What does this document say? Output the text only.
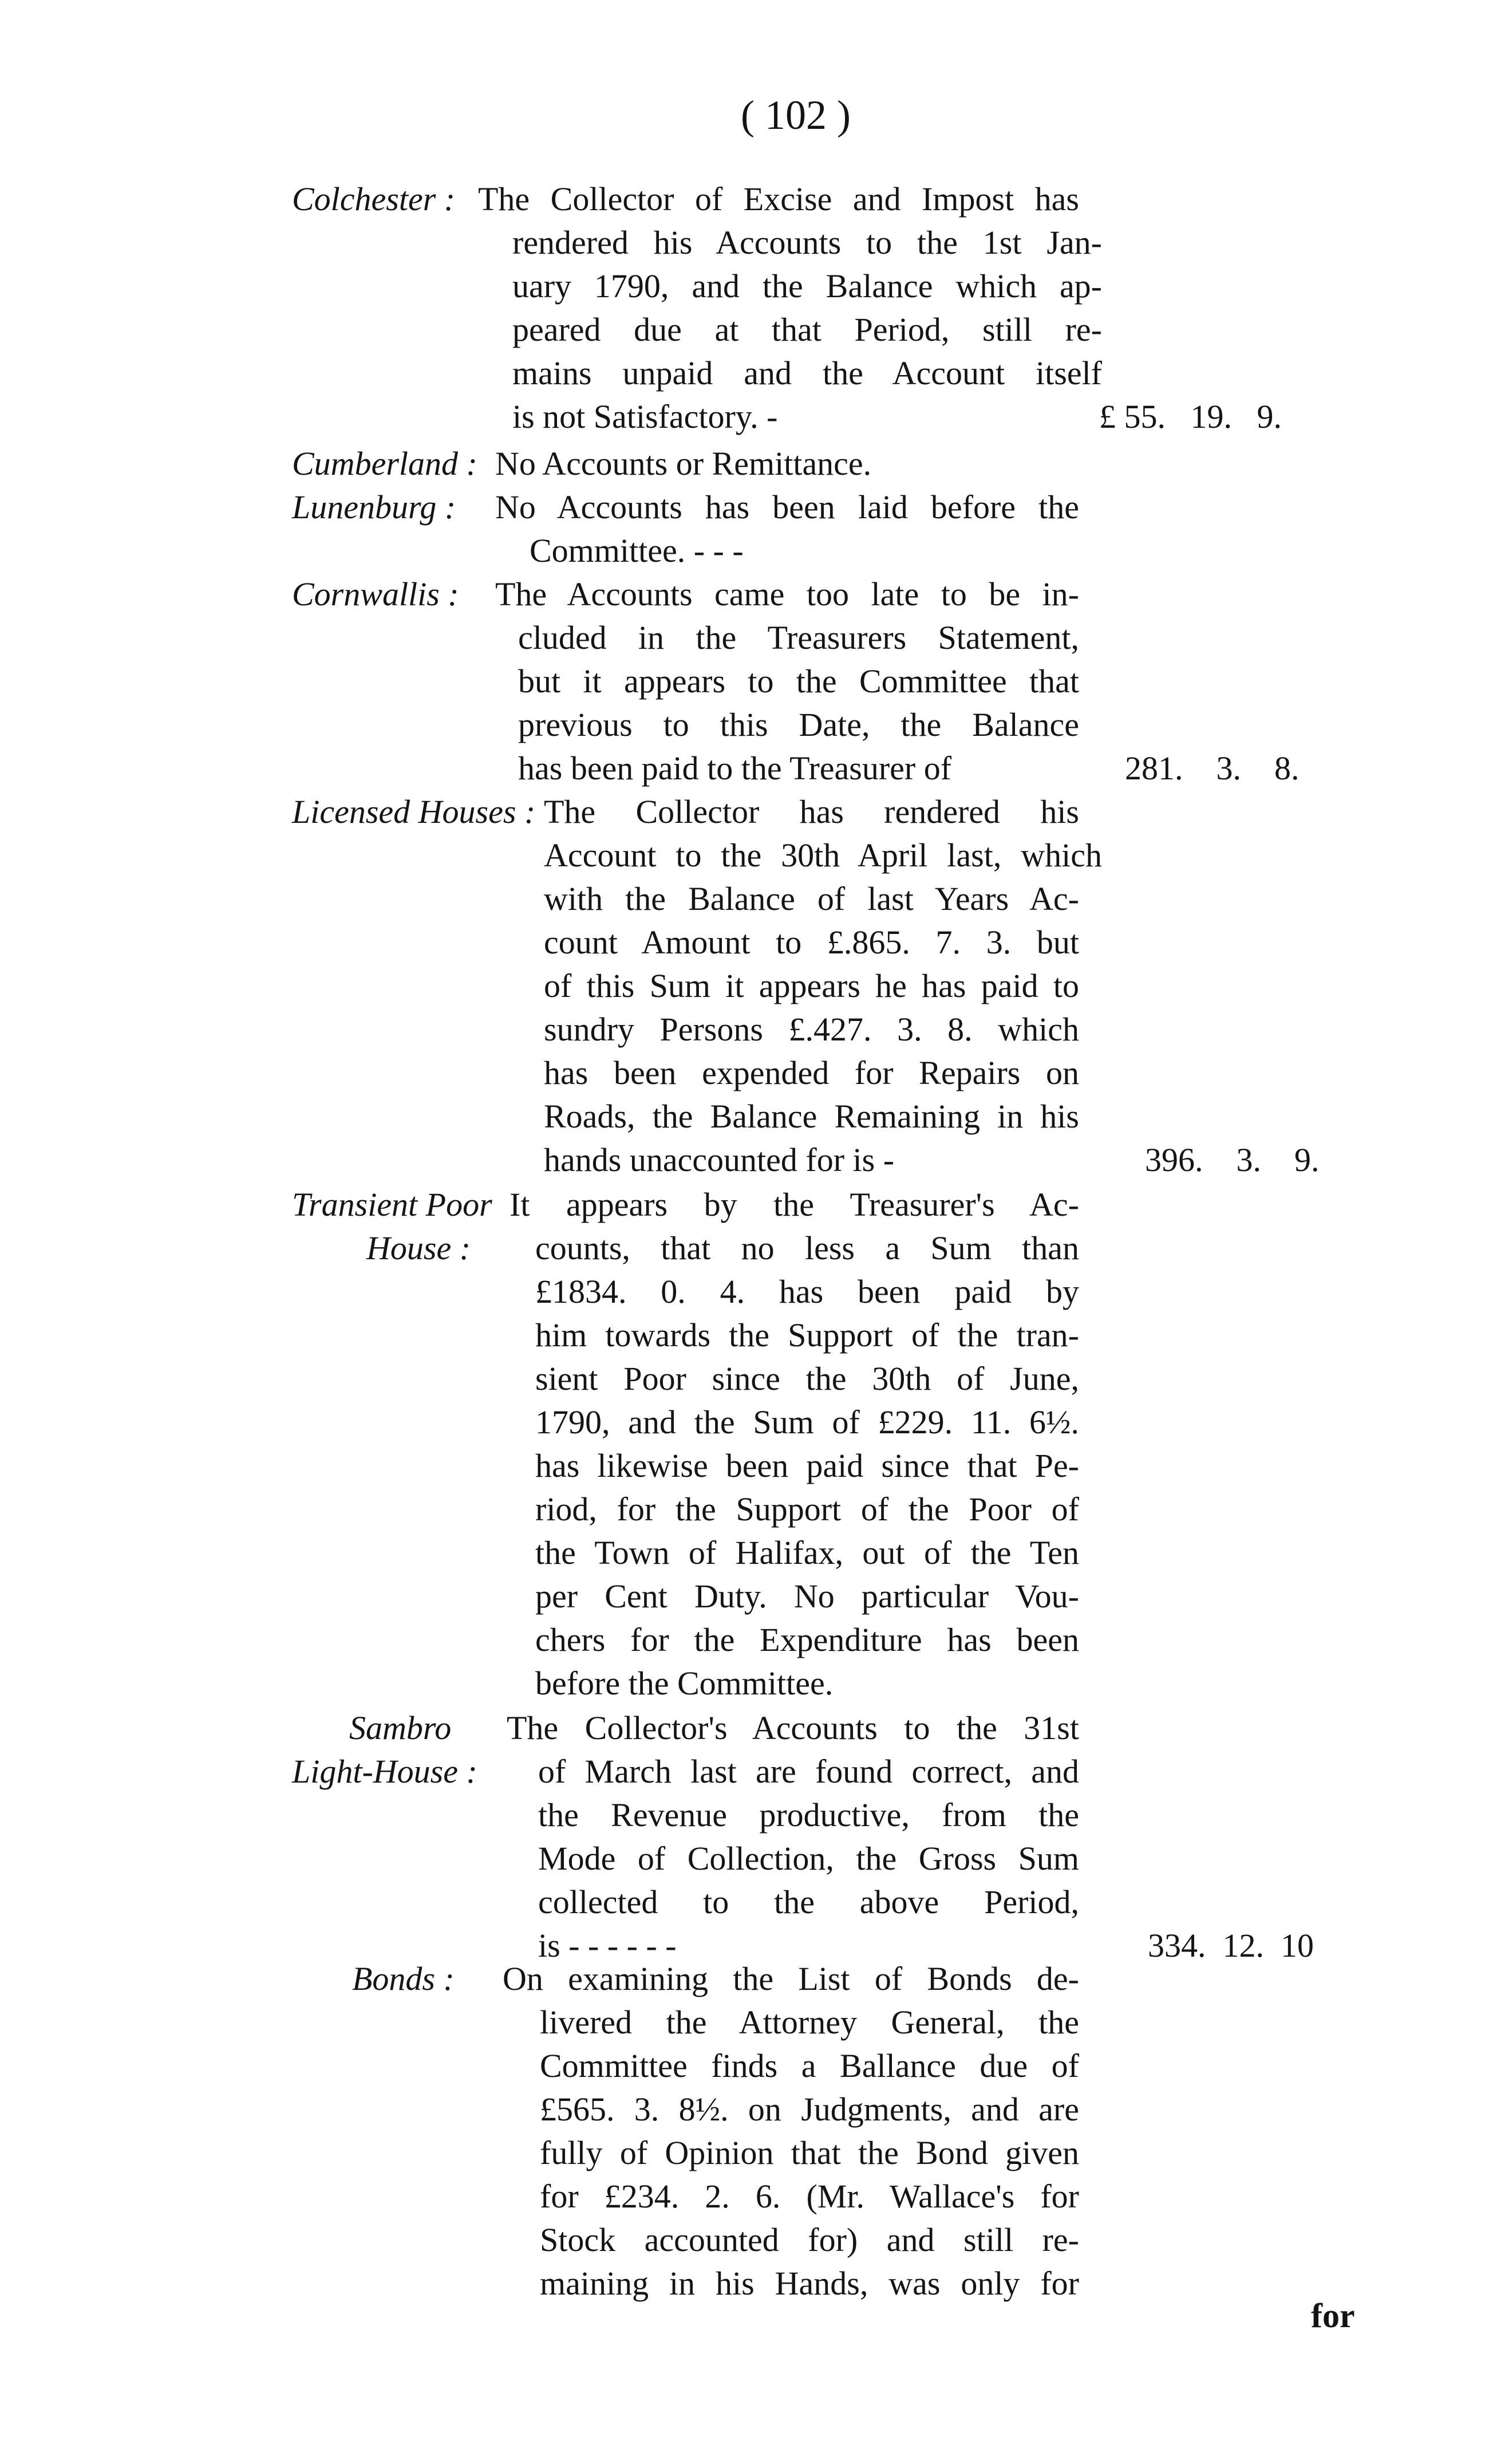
( 102 )
Colchester : The Collector of Excise and Impost has
rendered his Accounts to the 1st Jan-
uary 1790, and the Balance which ap-
peared due at that Period, still re-
mains unpaid and the Account itself
is not Satisfactory. -	£ 55.   19.   9.
Cumberland : No Accounts or Remittance.
Lunenburg :	No Accounts has been laid before the
Committee. - - -
Cornwallis :	The Accounts came too late to be in-
cluded in the Treasurers Statement,
but it appears to the Committee that
previous to this Date, the Balance
has been paid to the Treasurer of	281.    3.    8.
Licensed Houses : The Collector has rendered his
Account to the 30th April last, which
with the Balance of last Years Ac-
count Amount to £.865. 7. 3. but
of this Sum it appears he has paid to
sundry Persons £.427. 3. 8. which
has been expended for Repairs on
Roads, the Balance Remaining in his
hands unaccounted for is -	396.    3.    9.
Transient Poor
House :
It appears by the Treasurer's Ac-
counts, that no less a Sum than
£1834. 0. 4. has been paid by
him towards the Support of the tran-
sient Poor since the 30th of June,
1790, and the Sum of £229. 11. 6½.
has likewise been paid since that Pe-
riod, for the Support of the Poor of
the Town of Halifax, out of the Ten
per Cent Duty. No particular Vou-
chers for the Expenditure has been
before the Committee.
Sambro
Light-House :
The Collector's Accounts to the 31st
of March last are found correct, and
the Revenue productive, from the
Mode of Collection, the Gross Sum
collected to the above Period,
is - - - - - -	334.  12.  10
Bonds :	On examining the List of Bonds de-
livered the Attorney General, the
Committee finds a Ballance due of
£565. 3. 8½. on Judgments, and are
fully of Opinion that the Bond given
for £234. 2. 6. (Mr. Wallace's for
Stock accounted for) and still re-
maining in his Hands, was only for
for
